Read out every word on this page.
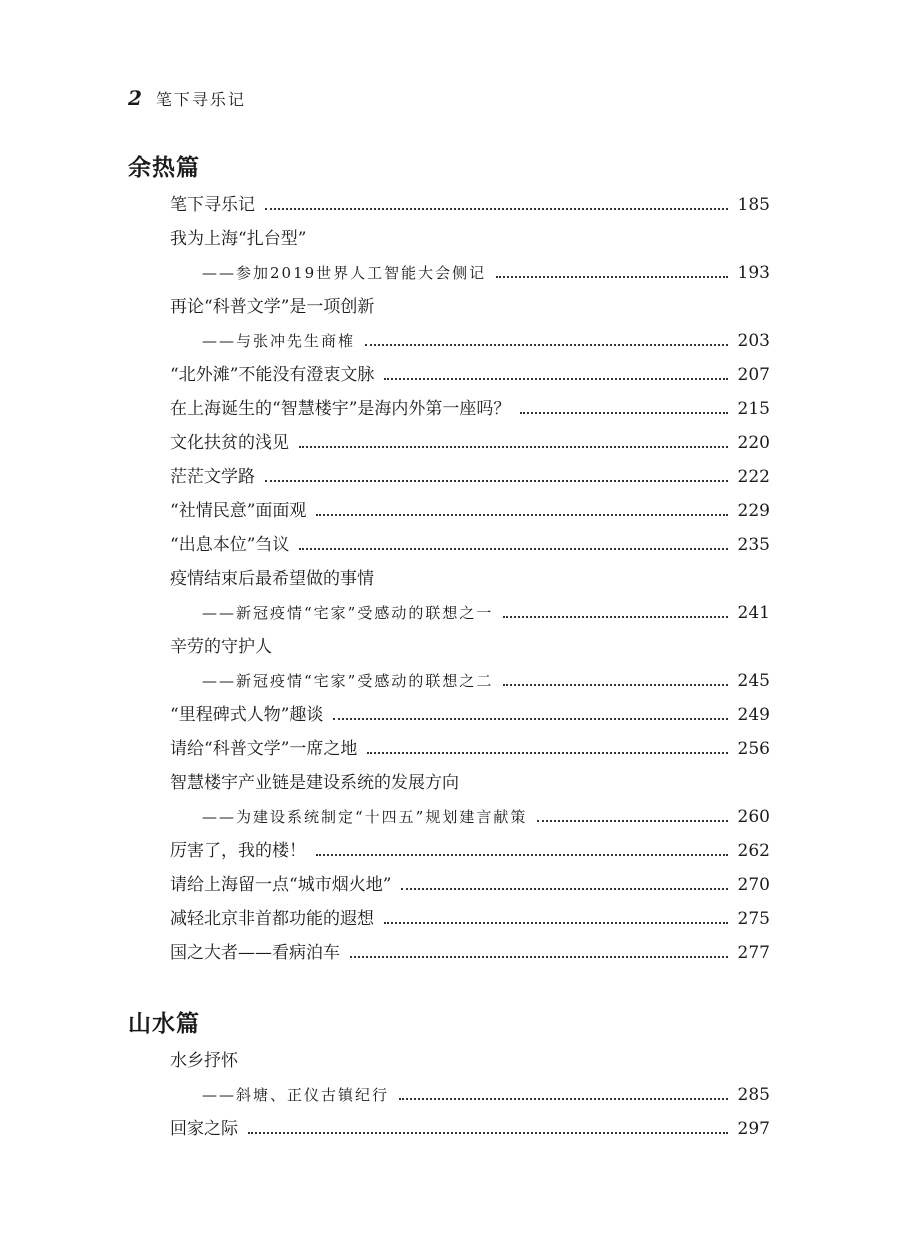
2 笔下寻乐记
余热篇
笔下寻乐记	185
我为上海“扎台型”
——参加2019世界人工智能大会侧记	193
再论“科普文学”是一项创新
——与张冲先生商榷	203
“北外滩”不能没有澄衷文脉	207
在上海诞生的“智慧楼宇”是海内外第一座吗？	215
文化扶贫的浅见	220
茫茫文学路	222
“社情民意”面面观	229
“出息本位”刍议	235
疫情结束后最希望做的事情
——新冠疫情“宅家”受感动的联想之一	241
辛劳的守护人
——新冠疫情“宅家”受感动的联想之二	245
“里程碑式人物”趣谈	249
请给“科普文学”一席之地	256
智慧楼宇产业链是建设系统的发展方向
——为建设系统制定“十四五”规划建言献策	260
厉害了，我的楼！	262
请给上海留一点“城市烟火地”	270
减轻北京非首都功能的遐想	275
国之大者——看病泊车	277
山水篇
水乡抒怀
——斜塘、正仪古镇纪行	285
回家之际	297
